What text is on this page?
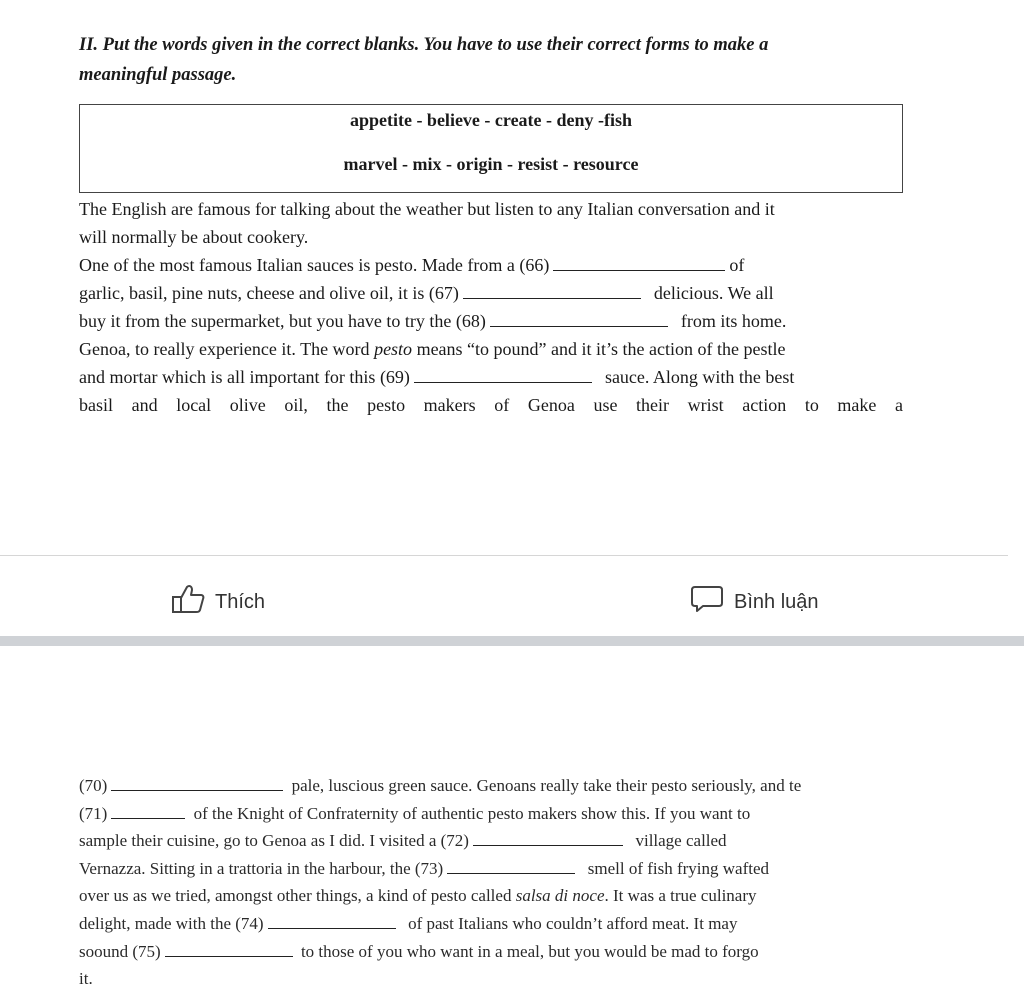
II. Put the words given in the correct blanks. You have to use their correct forms to make a
meaningful passage.

appetite - believe - create - deny -fish
marvel - mix - origin - resist - resource
The English are famous for talking about the weather but listen to any Italian conversation and it
will normally be about cookery.
One of the most famous Italian sauces is pesto. Made from a (66)	of
garlic, basil, pine nuts, cheese and olive oil, it is (67)	delicious. We all
buy it from the supermarket, but you have to try the (68)	from its home.
Genoa, to really experience it. The word pesto means “to pound” and it it’s the action of the pestle
and mortar which is all important for this (69)	sauce. Along with the best
basil and local olive oil, the pesto makers of Genoa use their wrist action to make a
Thích	Bình luận
(70)	pale, luscious green sauce. Genoans really take their pesto seriously, and te
(71)	of the Knight of Confraternity of authentic pesto makers show this. If you want to
sample their cuisine, go to Genoa as I did. I visited a (72)	village called
Vernazza. Sitting in a trattoria in the harbour, the (73)	smell of fish frying wafted
over us as we tried, amongst other things, a kind of pesto called salsa di noce. It was a true culinary
delight, made with the (74)	of past Italians who couldn’t afford meat. It may
soound (75)	to those of you who want in a meal, but you would be mad to forgo
it.
